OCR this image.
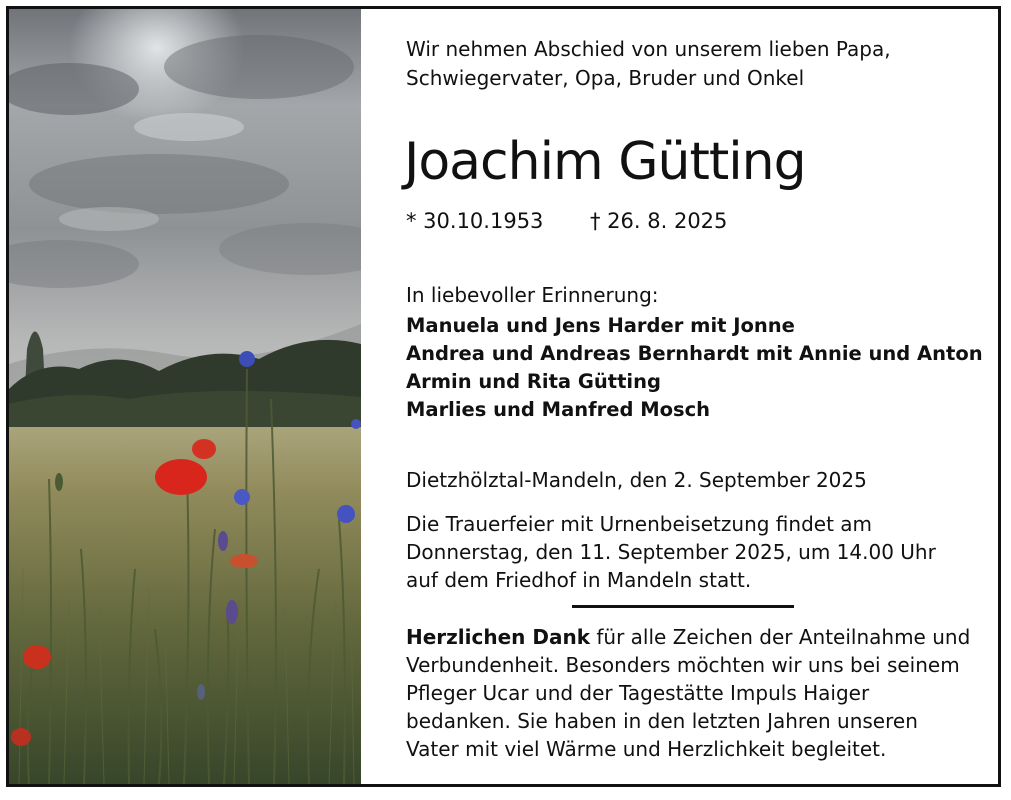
Wir nehmen Abschied von unserem lieben Papa,
Schwiegervater, Opa, Bruder und Onkel
Joachim Gütting
* 30.10.1953 † 26. 8. 2025
In liebevoller Erinnerung:
Manuela und Jens Harder mit Jonne
Andrea und Andreas Bernhardt mit Annie und Anton
Armin und Rita Gütting
Marlies und Manfred Mosch
Dietzhölztal-Mandeln, den 2. September 2025
Die Trauerfeier mit Urnenbeisetzung findet am
Donnerstag, den 11. September 2025, um 14.00 Uhr
auf dem Friedhof in Mandeln statt.
Herzlichen Dank für alle Zeichen der Anteilnahme und
Verbundenheit. Besonders möchten wir uns bei seinem
Pfleger Ucar und der Tagestätte Impuls Haiger
bedanken. Sie haben in den letzten Jahren unseren
Vater mit viel Wärme und Herzlichkeit begleitet.
